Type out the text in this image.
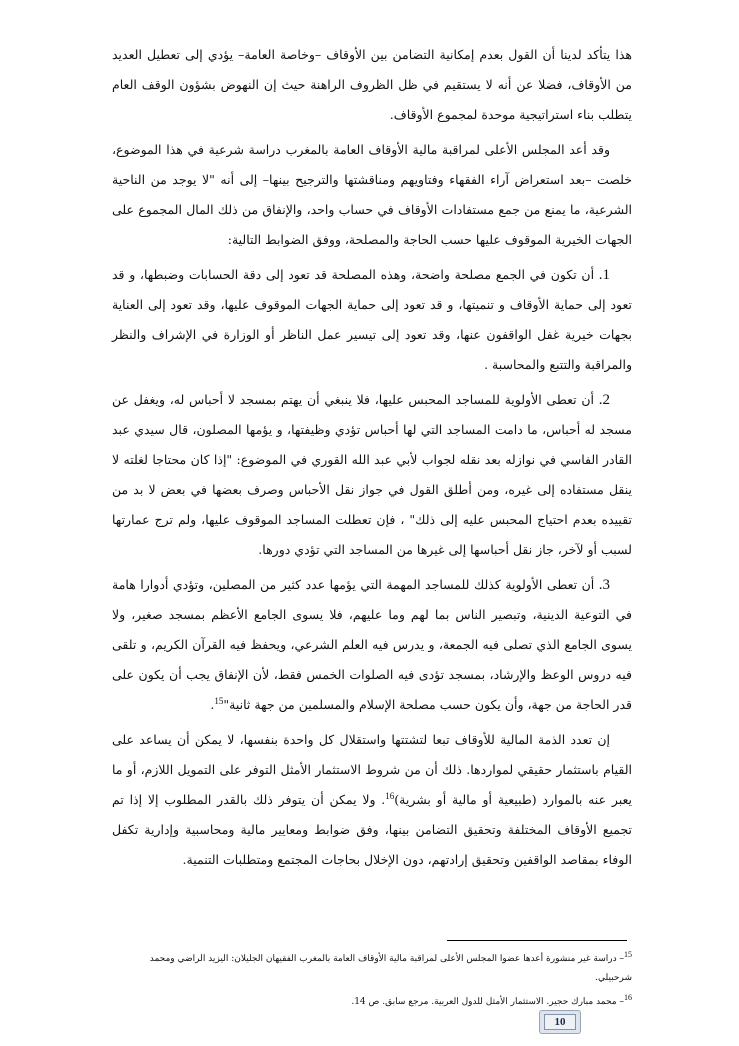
هذا يتأكد لدينا أن القول بعدم إمكانية التضامن بين الأوقاف –وخاصة العامة– يؤدي إلى تعطيل العديد من الأوقاف، فضلا عن أنه لا يستقيم في ظل الظروف الراهنة حيث إن النهوض بشؤون الوقف العام يتطلب بناء استراتيجية موحدة لمجموع الأوقاف.

وقد أعد المجلس الأعلى لمراقبة مالية الأوقاف العامة بالمغرب دراسة شرعية في هذا الموضوع، خلصت –بعد استعراض آراء الفقهاء وفتاويهم ومناقشتها والترجيح بينها– إلى أنه "لا يوجد من الناحية الشرعية، ما يمنع من جمع مستفادات الأوقاف في حساب واحد، والإنفاق من ذلك المال المجموع على الجهات الخيرية الموقوف عليها حسب الحاجة والمصلحة، ووفق الضوابط التالية:

1. أن تكون في الجمع مصلحة واضحة، وهذه المصلحة قد تعود إلى دقة الحسابات وضبطها، و قد تعود إلى حماية الأوقاف و تنميتها، و قد تعود إلى حماية الجهات الموقوف عليها، وقد تعود إلى العناية بجهات خيرية غفل الواقفون عنها، وقد تعود إلى تيسير عمل الناظر أو الوزارة في الإشراف والنظر والمراقبة والتتبع والمحاسبة .

2. أن تعطى الأولوية للمساجد المحبس عليها، فلا ينبغي أن يهتم بمسجد لا أحباس له، ويغفل عن مسجد له أحباس، ما دامت المساجد التي لها أحباس تؤدي وظيفتها، و يؤمها المصلون، قال سيدي عبد القادر الفاسي في نوازله بعد نقله لجواب لأبي عبد الله القوري في الموضوع: "إذا كان محتاجا لغلته لا ينقل مستفاده إلى غيره، ومن أطلق القول في جواز نقل الأحباس وصرف بعضها في بعض لا بد من تقييده بعدم احتياج المحبس عليه إلى ذلك" ، فإن تعطلت المساجد الموقوف عليها، ولم ترج عمارتها لسبب أو لآخر، جاز نقل أحباسها إلى غيرها من المساجد التي تؤدي دورها.

3. أن تعطى الأولوية كذلك للمساجد المهمة التي يؤمها عدد كثير من المصلين، وتؤدي أدوارا هامة في التوعية الدينية، وتبصير الناس بما لهم وما عليهم، فلا يسوى الجامع الأعظم بمسجد صغير، ولا يسوى الجامع الذي تصلى فيه الجمعة، و يدرس فيه العلم الشرعي، ويحفظ فيه القرآن الكريم، و تلقى فيه دروس الوعظ والإرشاد، بمسجد تؤدى فيه الصلوات الخمس فقط، لأن الإنفاق يجب أن يكون على قدر الحاجة من جهة، وأن يكون حسب مصلحة الإسلام والمسلمين من جهة ثانية"$^{15}$.

إن تعدد الذمة المالية للأوقاف تبعا لتشتتها واستقلال كل واحدة بنفسها، لا يمكن أن يساعد على القيام باستثمار حقيقي لمواردها. ذلك أن من شروط الاستثمار الأمثل التوفر على التمويل اللازم، أو ما يعبر عنه بالموارد (طبيعية أو مالية أو بشرية)$^{16}$. ولا يمكن أن يتوفر ذلك بالقدر المطلوب إلا إذا تم تجميع الأوقاف المختلفة وتحقيق التضامن بينها، وفق ضوابط ومعايير مالية ومحاسبية وإدارية تكفل الوفاء بمقاصد الواقفين وتحقيق إرادتهم، دون الإخلال بحاجات المجتمع ومتطلبات التنمية.

15– دراسة غير منشورة أعدها عضوا المجلس الأعلى لمراقبة مالية الأوقاف العامة بالمغرب الفقيهان الجليلان: اليزيد الراضي ومحمد شرحبيلي.

16– محمد مبارك حجير. الاستثمار الأمثل للدول العربية. مرجع سابق. ص 14.

10
